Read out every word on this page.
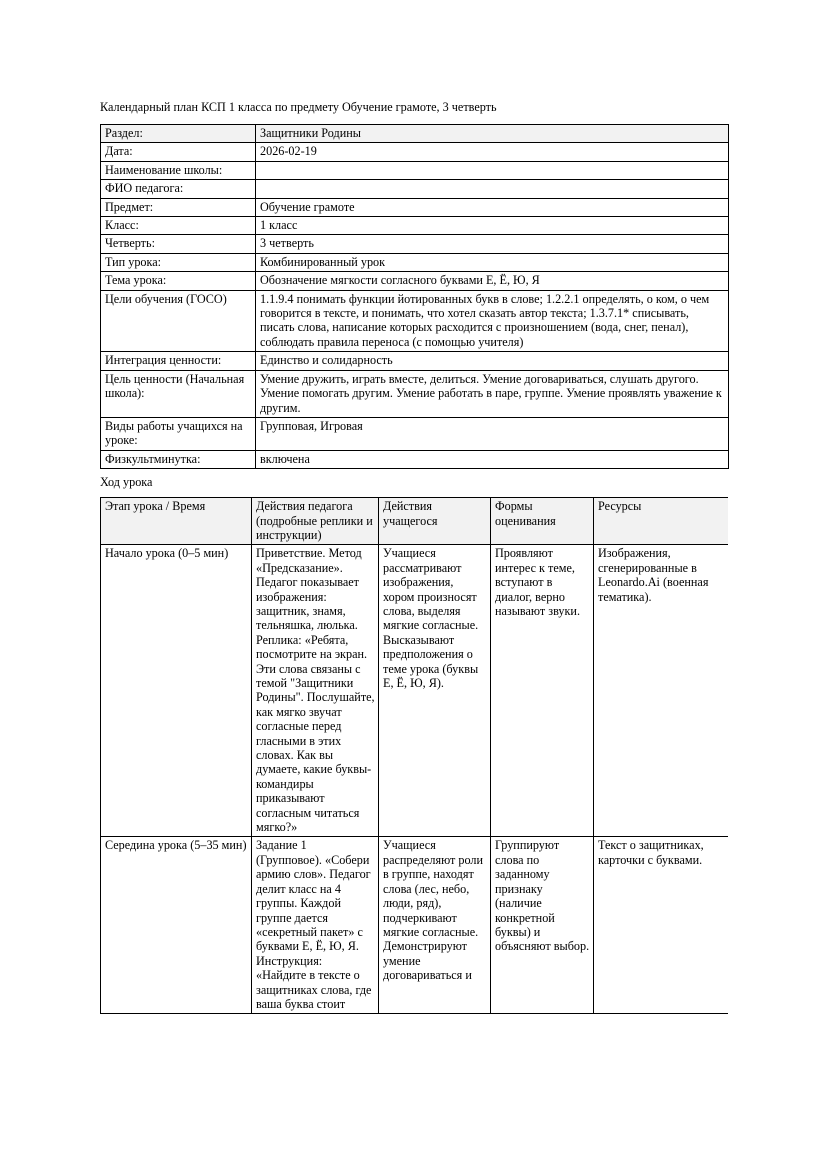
Календарный план КСП 1 класса по предмету Обучение грамоте, 3 четверть

Раздел:	Защитники Родины
Дата:	2026-02-19
Наименование школы:	
ФИО педагога:	
Предмет:	Обучение грамоте
Класс:	1 класс
Четверть:	3 четверть
Тип урока:	Комбинированный урок
Тема урока:	Обозначение мягкости согласного буквами Е, Ё, Ю, Я
Цели обучения (ГОСО)	1.1.9.4 понимать функции йотированных букв в слове; 1.2.2.1 определять, о ком, о чем говорится в тексте, и понимать, что хотел сказать автор текста; 1.3.7.1* списывать, писать слова, написание которых расходится с произношением (вода, снег, пенал), соблюдать правила переноса (с помощью учителя)
Интеграция ценности:	Единство и солидарность
Цель ценности (Начальная школа):	Умение дружить, играть вместе, делиться. Умение договариваться, слушать другого. Умение помогать другим. Умение работать в паре, группе. Умение проявлять уважение к другим.
Виды работы учащихся на уроке:	Групповая, Игровая
Физкультминутка:	включена

Ход урока

Этап урока / Время	Действия педагога (подробные реплики и инструкции)	Действия учащегося	Формы оценивания	Ресурсы
Начало урока (0–5 мин)	Приветствие. Метод «Предсказание». Педагог показывает изображения: защитник, знамя, тельняшка, люлька. Реплика: «Ребята, посмотрите на экран. Эти слова связаны с темой "Защитники Родины". Послушайте, как мягко звучат согласные перед гласными в этих словах. Как вы думаете, какие буквы-командиры приказывают согласным читаться мягко?»	Учащиеся рассматривают изображения, хором произносят слова, выделяя мягкие согласные. Высказывают предположения о теме урока (буквы Е, Ё, Ю, Я).	Проявляют интерес к теме, вступают в диалог, верно называют звуки.	Изображения, сгенерированные в Leonardo.Ai (военная тематика).
Середина урока (5–35 мин)	Задание 1 (Групповое). «Собери армию слов». Педагог делит класс на 4 группы. Каждой группе дается «секретный пакет» с буквами Е, Ё, Ю, Я. Инструкция: «Найдите в тексте о защитниках слова, где ваша буква стоит	Учащиеся распределяют роли в группе, находят слова (лес, небо, люди, ряд), подчеркивают мягкие согласные. Демонстрируют умение договариваться и	Группируют слова по заданному признаку (наличие конкретной буквы) и объясняют выбор.	Текст о защитниках, карточки с буквами.
